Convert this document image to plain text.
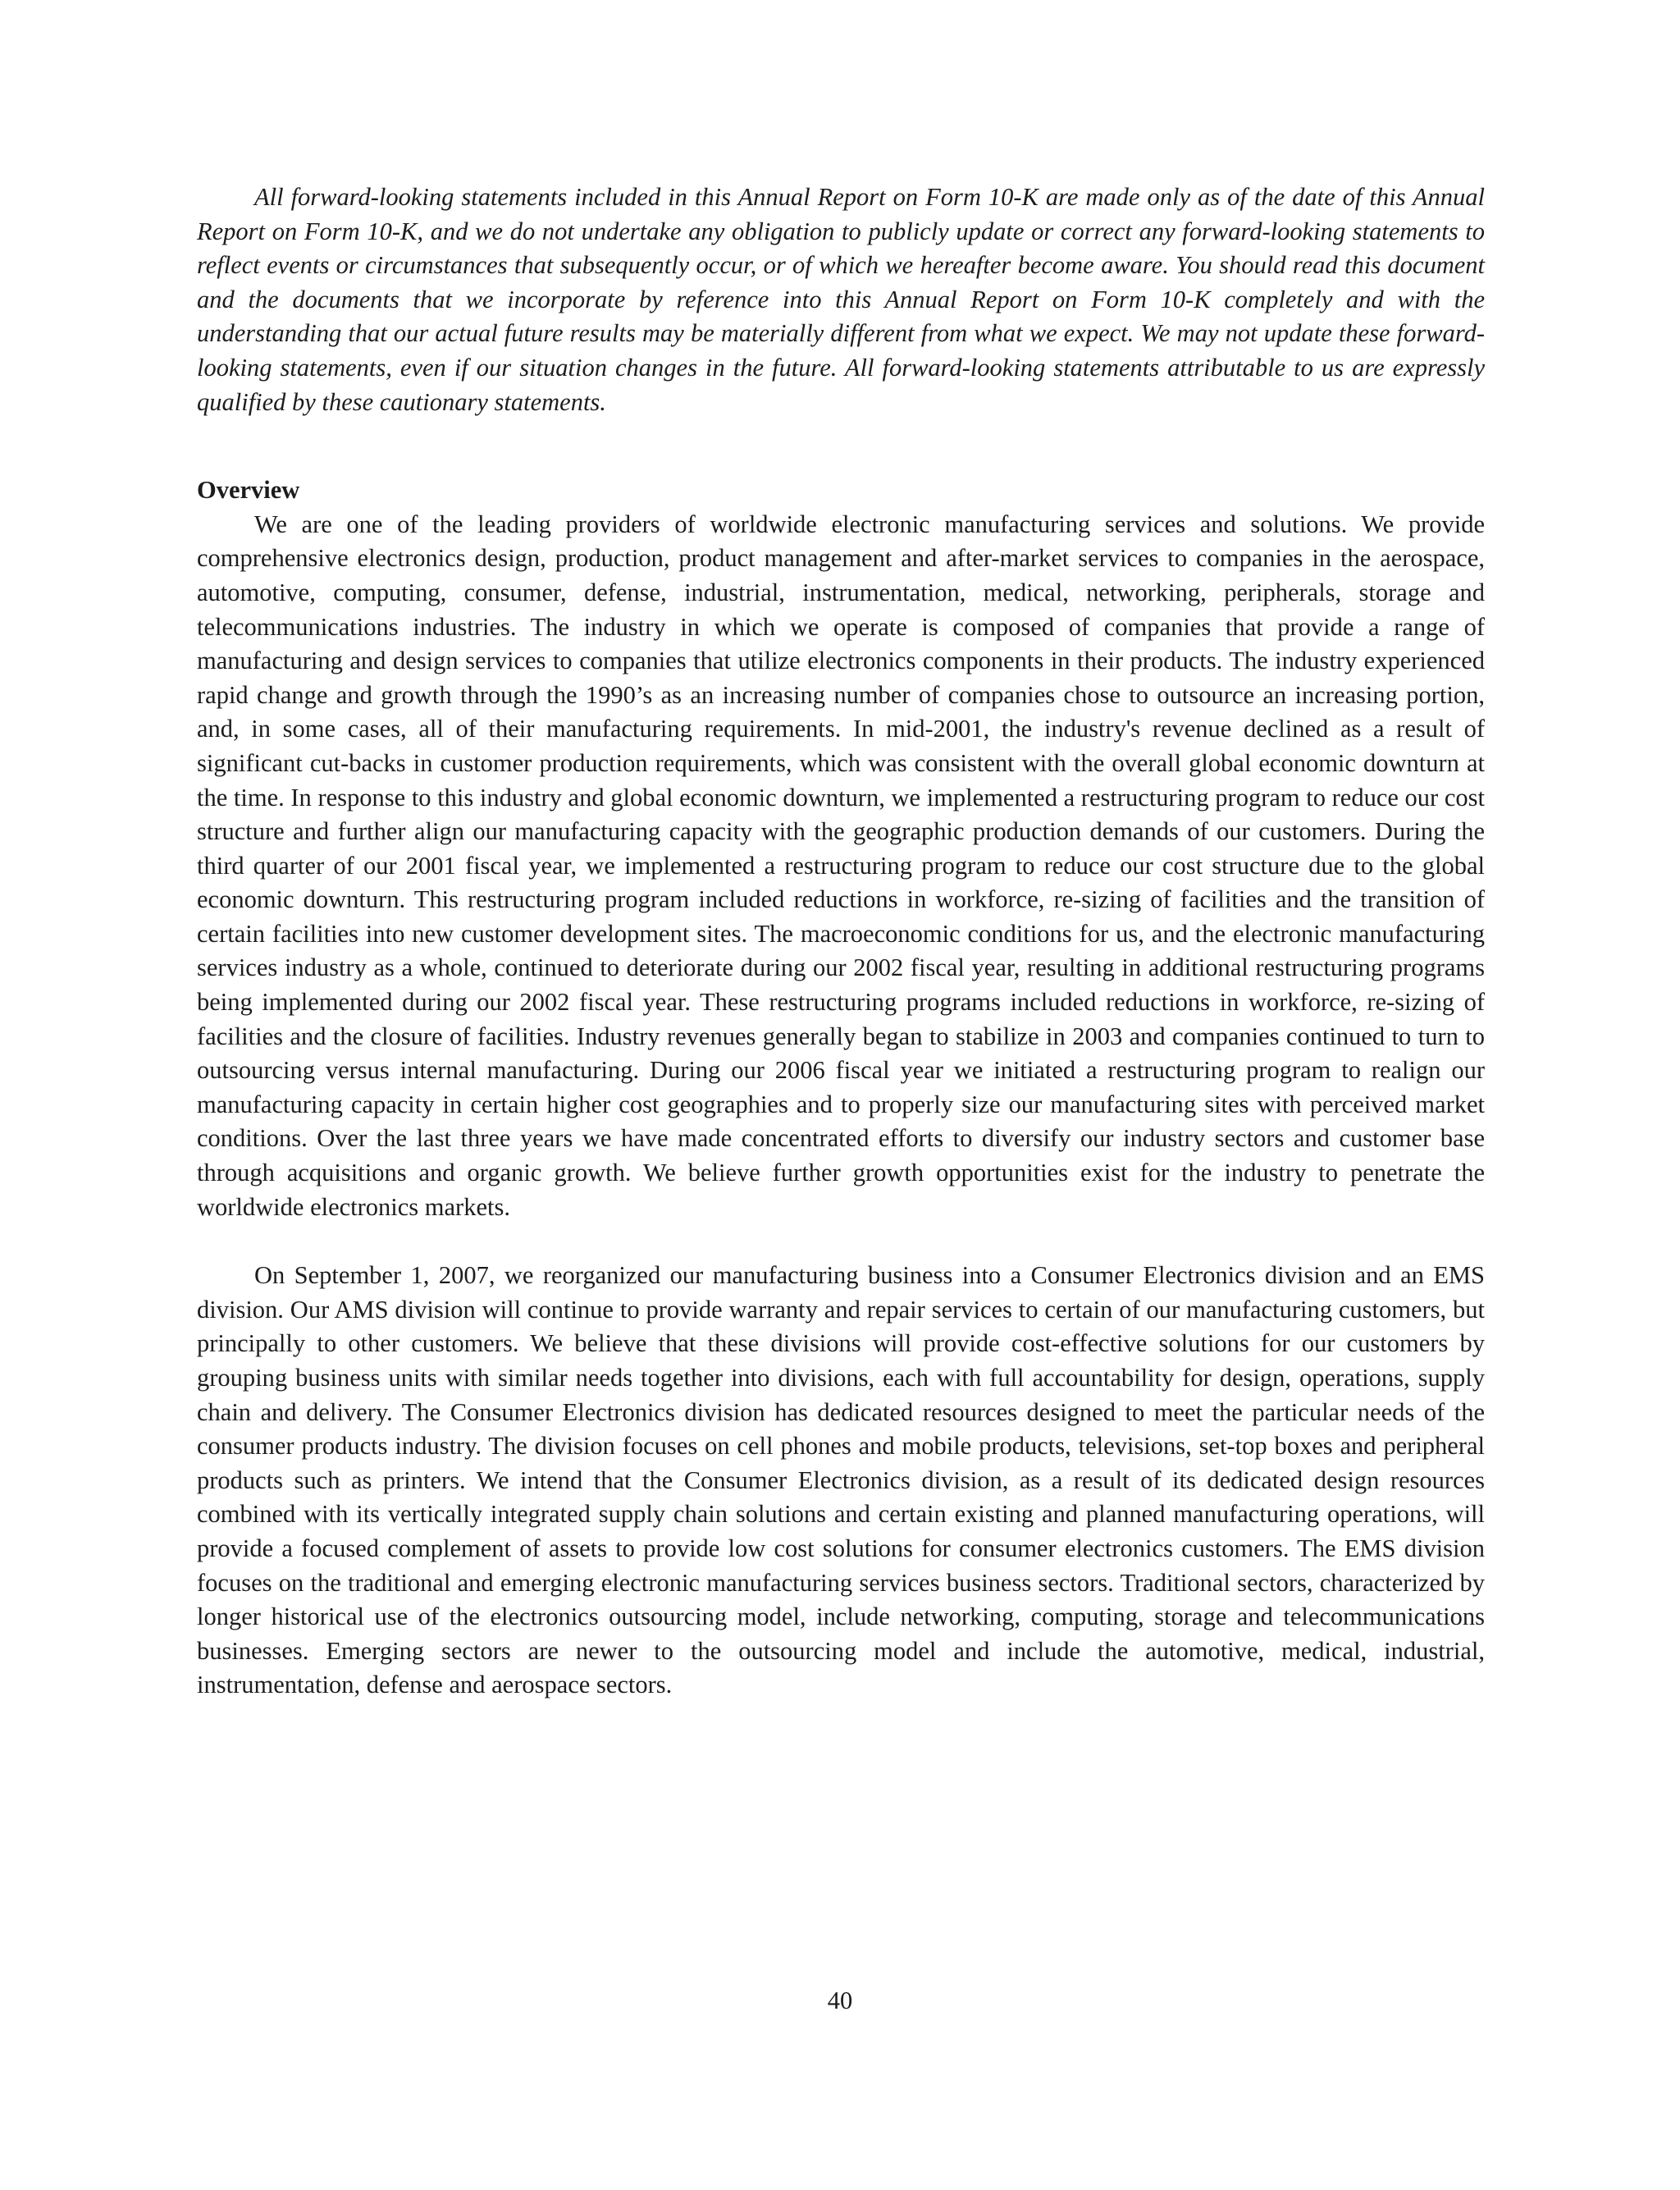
All forward-looking statements included in this Annual Report on Form 10-K are made only as of the date of this Annual Report on Form 10-K, and we do not undertake any obligation to publicly update or correct any forward-looking statements to reflect events or circumstances that subsequently occur, or of which we hereafter become aware. You should read this document and the documents that we incorporate by reference into this Annual Report on Form 10-K completely and with the understanding that our actual future results may be materially different from what we expect. We may not update these forward-looking statements, even if our situation changes in the future. All forward-looking statements attributable to us are expressly qualified by these cautionary statements.

Overview

We are one of the leading providers of worldwide electronic manufacturing services and solutions. We provide comprehensive electronics design, production, product management and after-market services to companies in the aerospace, automotive, computing, consumer, defense, industrial, instrumentation, medical, networking, peripherals, storage and telecommunications industries. The industry in which we operate is composed of companies that provide a range of manufacturing and design services to companies that utilize electronics components in their products. The industry experienced rapid change and growth through the 1990’s as an increasing number of companies chose to outsource an increasing portion, and, in some cases, all of their manufacturing requirements. In mid-2001, the industry's revenue declined as a result of significant cut-backs in customer production requirements, which was consistent with the overall global economic downturn at the time. In response to this industry and global economic downturn, we implemented a restructuring program to reduce our cost structure and further align our manufacturing capacity with the geographic production demands of our customers. During the third quarter of our 2001 fiscal year, we implemented a restructuring program to reduce our cost structure due to the global economic downturn. This restructuring program included reductions in workforce, re-sizing of facilities and the transition of certain facilities into new customer development sites. The macroeconomic conditions for us, and the electronic manufacturing services industry as a whole, continued to deteriorate during our 2002 fiscal year, resulting in additional restructuring programs being implemented during our 2002 fiscal year. These restructuring programs included reductions in workforce, re-sizing of facilities and the closure of facilities. Industry revenues generally began to stabilize in 2003 and companies continued to turn to outsourcing versus internal manufacturing. During our 2006 fiscal year we initiated a restructuring program to realign our manufacturing capacity in certain higher cost geographies and to properly size our manufacturing sites with perceived market conditions. Over the last three years we have made concentrated efforts to diversify our industry sectors and customer base through acquisitions and organic growth. We believe further growth opportunities exist for the industry to penetrate the worldwide electronics markets.

On September 1, 2007, we reorganized our manufacturing business into a Consumer Electronics division and an EMS division. Our AMS division will continue to provide warranty and repair services to certain of our manufacturing customers, but principally to other customers. We believe that these divisions will provide cost-effective solutions for our customers by grouping business units with similar needs together into divisions, each with full accountability for design, operations, supply chain and delivery. The Consumer Electronics division has dedicated resources designed to meet the particular needs of the consumer products industry. The division focuses on cell phones and mobile products, televisions, set-top boxes and peripheral products such as printers. We intend that the Consumer Electronics division, as a result of its dedicated design resources combined with its vertically integrated supply chain solutions and certain existing and planned manufacturing operations, will provide a focused complement of assets to provide low cost solutions for consumer electronics customers. The EMS division focuses on the traditional and emerging electronic manufacturing services business sectors. Traditional sectors, characterized by longer historical use of the electronics outsourcing model, include networking, computing, storage and telecommunications businesses. Emerging sectors are newer to the outsourcing model and include the automotive, medical, industrial, instrumentation, defense and aerospace sectors.

40
